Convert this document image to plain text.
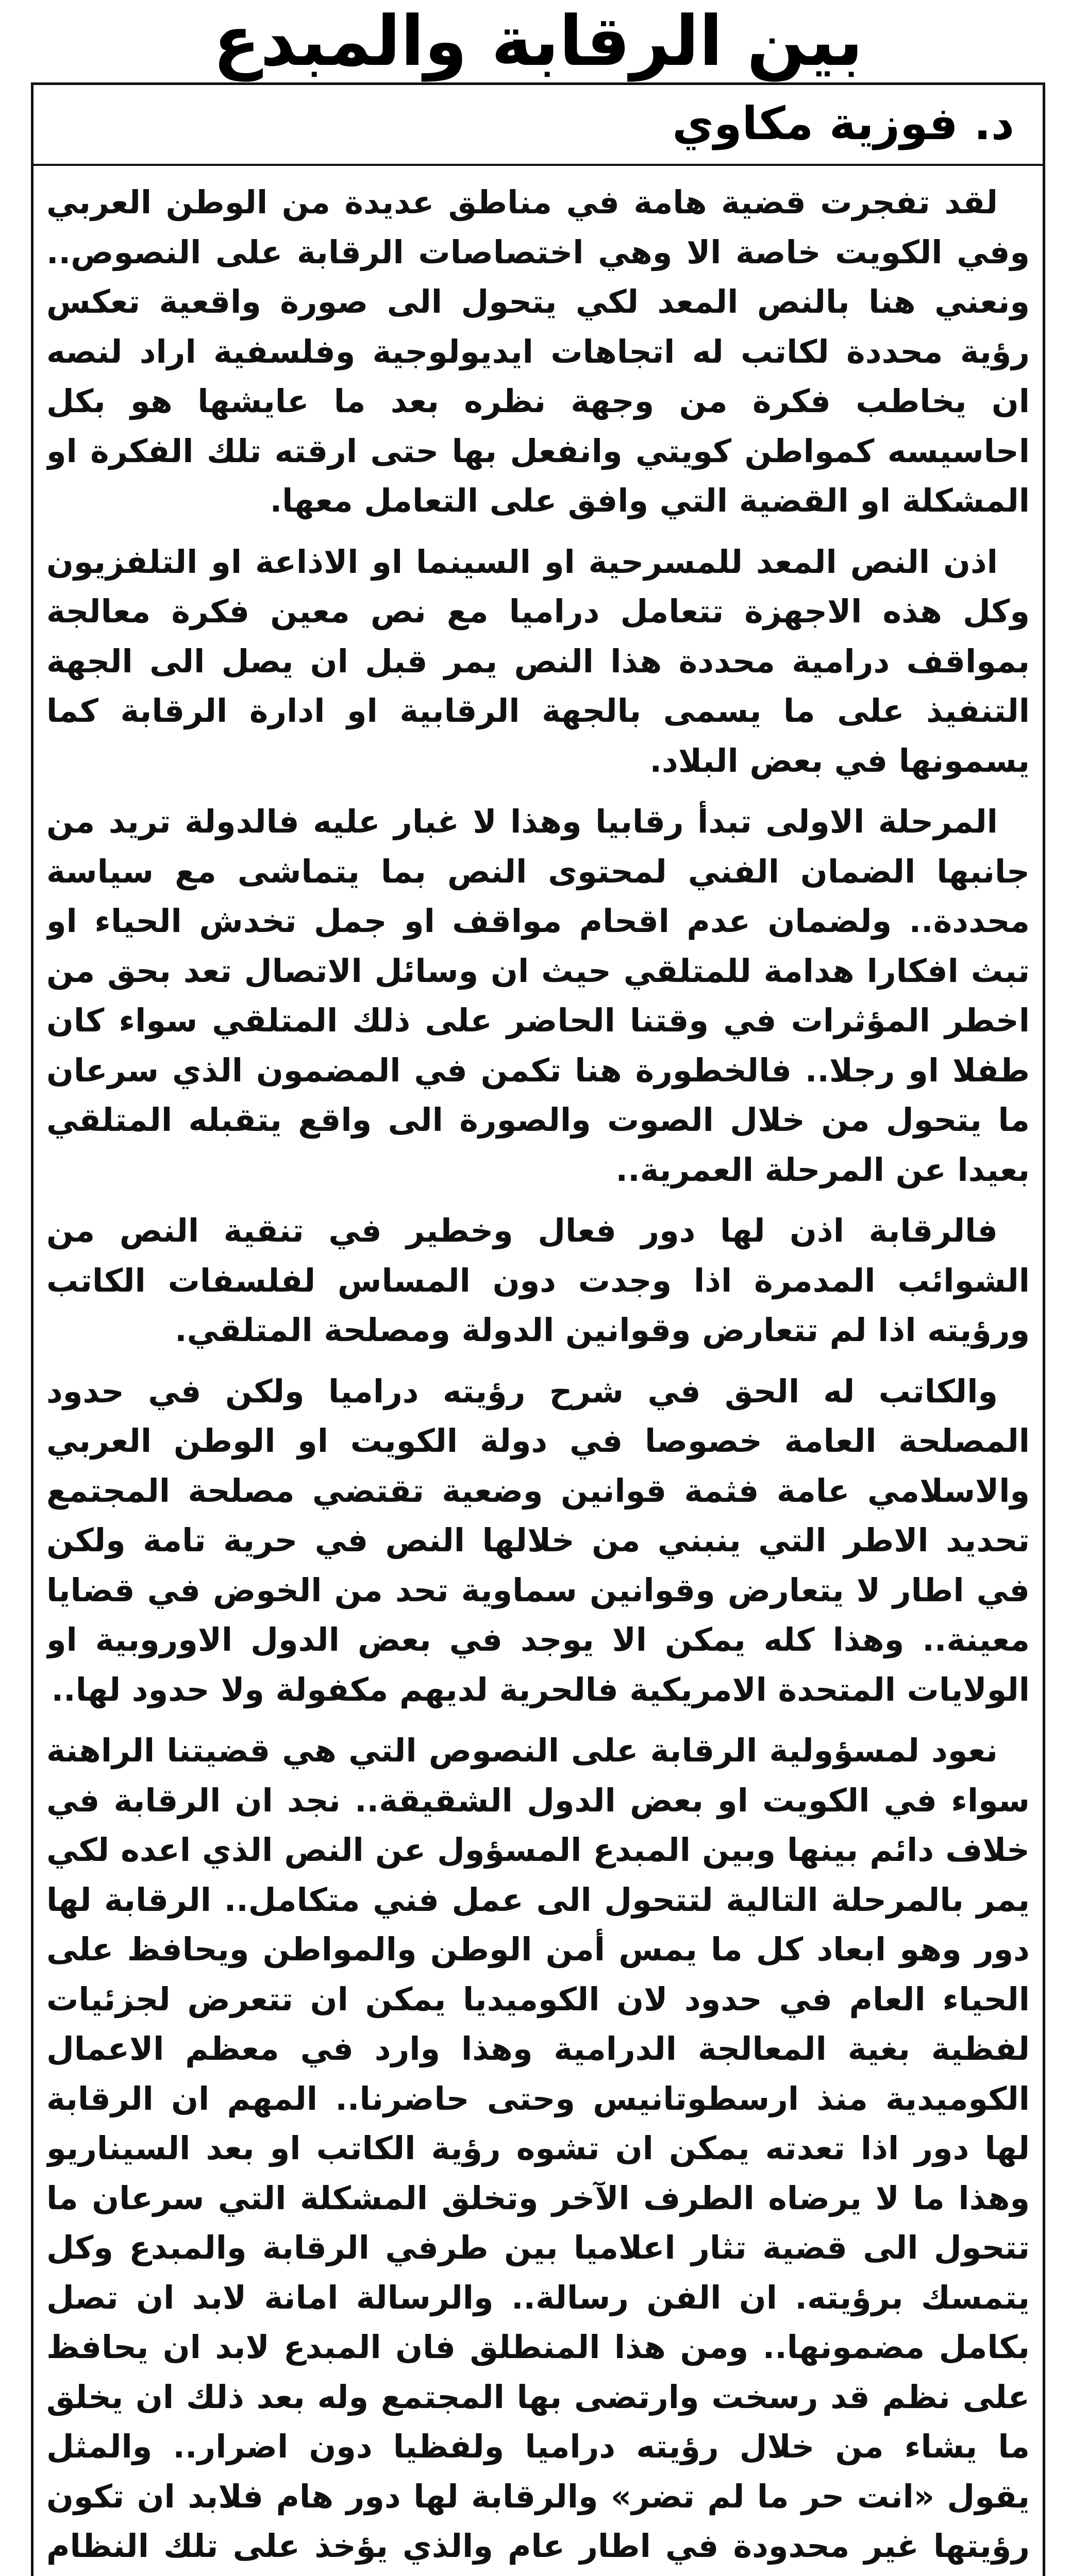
بين الرقابة والمبدع
د. فوزية مكاوي

لقد تفجرت قضية هامة في مناطق عديدة من الوطن العربي وفي الكويت خاصة الا وهي اختصاصات الرقابة على النصوص.. ونعني هنا بالنص المعد لكي يتحول الى صورة واقعية تعكس رؤية محددة لكاتب له اتجاهات ايديولوجية وفلسفية اراد لنصه ان يخاطب فكرة من وجهة نظره بعد ما عايشها هو بكل احاسيسه كمواطن كويتي وانفعل بها حتى ارقته تلك الفكرة او المشكلة او القضية التي وافق على التعامل معها.

اذن النص المعد للمسرحية او السينما او الاذاعة او التلفزيون وكل هذه الاجهزة تتعامل دراميا مع نص معين فكرة معالجة بمواقف درامية محددة هذا النص يمر قبل ان يصل الى الجهة التنفيذ على ما يسمى بالجهة الرقابية او ادارة الرقابة كما يسمونها في بعض البلاد.

المرحلة الاولى تبدأ رقابيا وهذا لا غبار عليه فالدولة تريد من جانبها الضمان الفني لمحتوى النص بما يتماشى مع سياسة محددة.. ولضمان عدم اقحام مواقف او جمل تخدش الحياء او تبث افكارا هدامة للمتلقي حيث ان وسائل الاتصال تعد بحق من اخطر المؤثرات في وقتنا الحاضر على ذلك المتلقي سواء كان طفلا او رجلا.. فالخطورة هنا تكمن في المضمون الذي سرعان ما يتحول من خلال الصوت والصورة الى واقع يتقبله المتلقي بعيدا عن المرحلة العمرية..

فالرقابة اذن لها دور فعال وخطير في تنقية النص من الشوائب المدمرة اذا وجدت دون المساس لفلسفات الكاتب ورؤيته اذا لم تتعارض وقوانين الدولة ومصلحة المتلقي.

والكاتب له الحق في شرح رؤيته دراميا ولكن في حدود المصلحة العامة خصوصا في دولة الكويت او الوطن العربي والاسلامي عامة فثمة قوانين وضعية تقتضي مصلحة المجتمع تحديد الاطر التي ينبني من خلالها النص في حرية تامة ولكن في اطار لا يتعارض وقوانين سماوية تحد من الخوض في قضايا معينة.. وهذا كله يمكن الا يوجد في بعض الدول الاوروبية او الولايات المتحدة الامريكية فالحرية لديهم مكفولة ولا حدود لها..

نعود لمسؤولية الرقابة على النصوص التي هي قضيتنا الراهنة سواء في الكويت او بعض الدول الشقيقة.. نجد ان الرقابة في خلاف دائم بينها وبين المبدع المسؤول عن النص الذي اعده لكي يمر بالمرحلة التالية لتتحول الى عمل فني متكامل.. الرقابة لها دور وهو ابعاد كل ما يمس أمن الوطن والمواطن ويحافظ على الحياء العام في حدود لان الكوميديا يمكن ان تتعرض لجزئيات لفظية بغية المعالجة الدرامية وهذا وارد في معظم الاعمال الكوميدية منذ ارسطوتانيس وحتى حاضرنا.. المهم ان الرقابة لها دور اذا تعدته يمكن ان تشوه رؤية الكاتب او بعد السيناريو وهذا ما لا يرضاه الطرف الآخر وتخلق المشكلة التي سرعان ما تتحول الى قضية تثار اعلاميا بين طرفي الرقابة والمبدع وكل يتمسك برؤيته. ان الفن رسالة.. والرسالة امانة لابد ان تصل بكامل مضمونها.. ومن هذا المنطلق فان المبدع لابد ان يحافظ على نظم قد رسخت وارتضى بها المجتمع وله بعد ذلك ان يخلق ما يشاء من خلال رؤيته دراميا ولفظيا دون اضرار.. والمثل يقول «انت حر ما لم تضر» والرقابة لها دور هام فلابد ان تكون رؤيتها غير محدودة في اطار عام والذي يؤخذ على تلك النظام
